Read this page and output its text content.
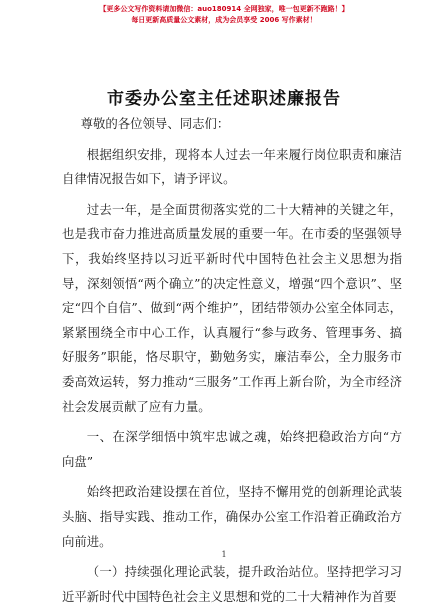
【更多公文写作资料请加微信：auo180914 全网独家，唯一包更新不跑路！】
每日更新高质量公文素材，成为会员享受 2006 写作素材！
市委办公室主任述职述廉报告

尊敬的各位领导、同志们：

根据组织安排，现将本人过去一年来履行岗位职责和廉洁自律情况报告如下，请予评议。

过去一年，是全面贯彻落实党的二十大精神的关键之年，也是我市奋力推进高质量发展的重要一年。在市委的坚强领导下，我始终坚持以习近平新时代中国特色社会主义思想为指导，深刻领悟“两个确立”的决定性意义，增强“四个意识”、坚定“四个自信”、做到“两个维护”，团结带领办公室全体同志，紧紧围绕全市中心工作，认真履行“参与政务、管理事务、搞好服务”职能，恪尽职守，勤勉务实，廉洁奉公，全力服务市委高效运转，努力推动“三服务”工作再上新台阶，为全市经济社会发展贡献了应有力量。

一、在深学细悟中筑牢忠诚之魂，始终把稳政治方向“方向盘”

始终把政治建设摆在首位，坚持不懈用党的创新理论武装头脑、指导实践、推动工作，确保办公室工作沿着正确政治方向前进。

（一）持续强化理论武装，提升政治站位。坚持把学习习近平新时代中国特色社会主义思想和党的二十大精神作为首要

1
